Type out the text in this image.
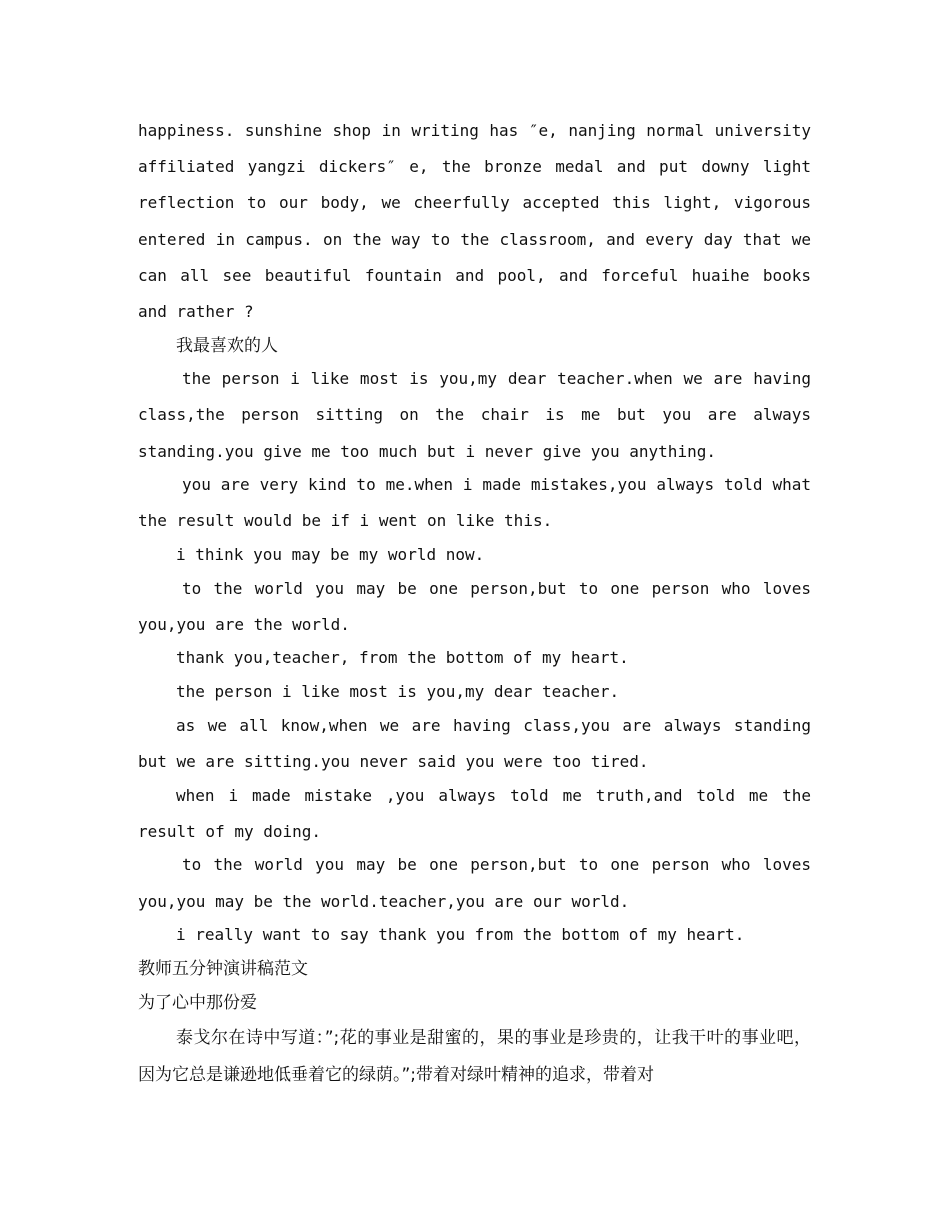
happiness. sunshine shop in writing has ″e, nanjing normal university affiliated yangzi dickers″ e, the bronze medal and put downy light reflection to our body, we cheerfully accepted this light, vigorous entered in campus. on the way to the classroom, and every day that we can all see beautiful fountain and pool, and forceful huaihe books and rather ?

我最喜欢的人

the person i like most is you,my dear teacher.when we are having class,the person sitting on the chair is me but you are always standing.you give me too much but i never give you anything.

you are very kind to me.when i made mistakes,you always told what the result would be if i went on like this.

i think you may be my world now.

to the world you may be one person,but to one person who loves you,you are the world.

thank you,teacher, from the bottom of my heart.

the person i like most is you,my dear teacher.

as we all know,when we are having class,you are always standing but we are sitting.you never said you were too tired.

when i made mistake ,you always told me truth,and told me the result of my doing.

to the world you may be one person,but to one person who loves you,you may be the world.teacher,you are our world.

i really want to say thank you from the bottom of my heart.

教师五分钟演讲稿范文

为了心中那份爱

泰戈尔在诗中写道：”;花的事业是甜蜜的，果的事业是珍贵的，让我干叶的事业吧，因为它总是谦逊地低垂着它的绿荫。”;带着对绿叶精神的追求，带着对
